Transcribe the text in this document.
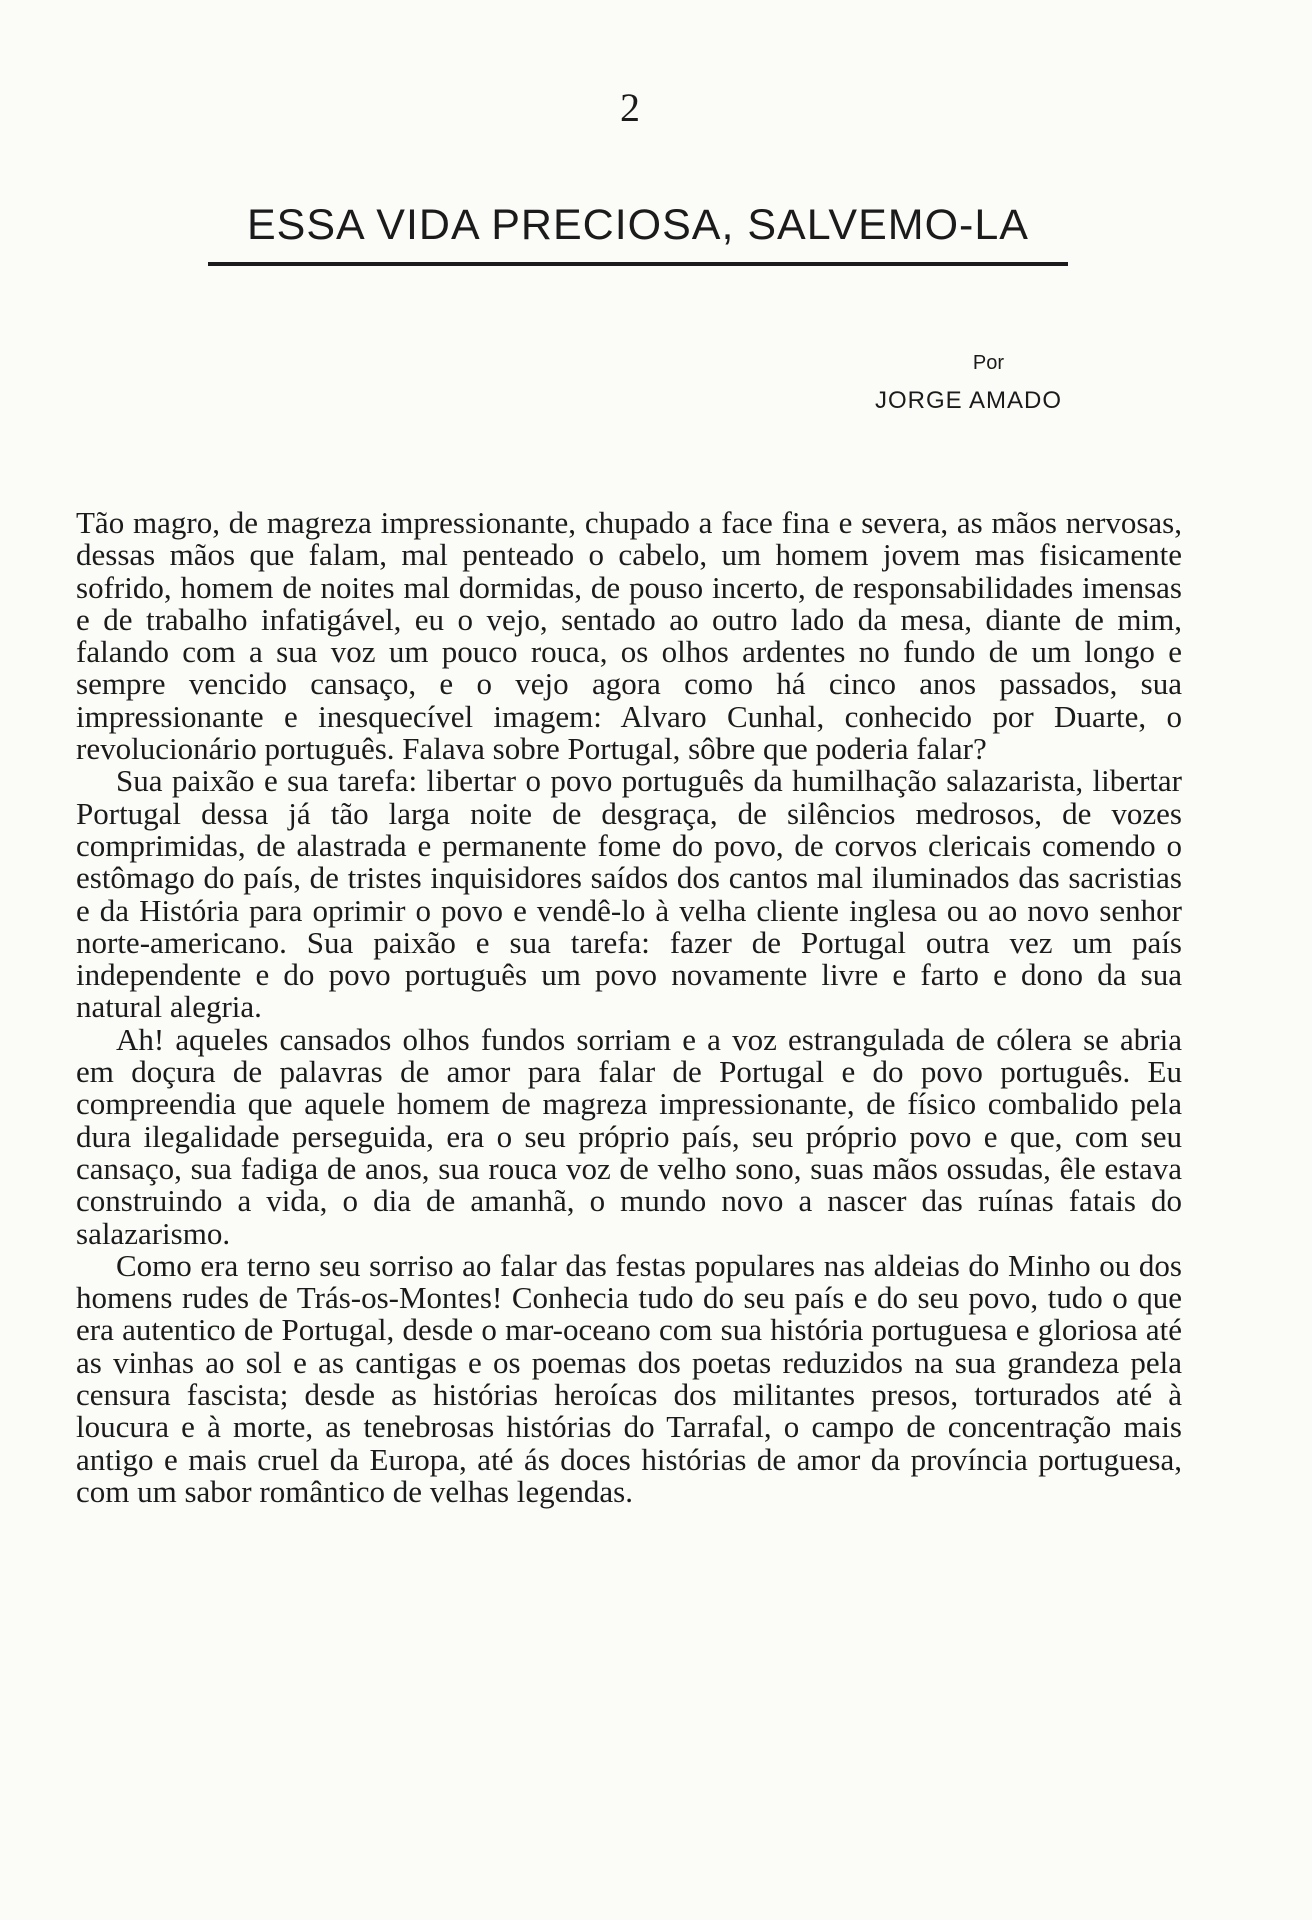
2
ESSA VIDA PRECIOSA, SALVEMO-LA
Por
JORGE AMADO

Tão magro, de magreza impressionante, chupado a face fina e severa, as mãos nervosas, dessas mãos que falam, mal penteado o cabelo, um homem jovem mas fisicamente sofrido, homem de noites mal dormidas, de pouso incerto, de responsabilidades imensas e de trabalho infatigável, eu o vejo, sentado ao outro lado da mesa, diante de mim, falando com a sua voz um pouco rouca, os olhos ardentes no fundo de um longo e sempre vencido cansaço, e o vejo agora como há cinco anos passados, sua impressionante e inesquecível imagem: Alvaro Cunhal, conhecido por Duarte, o revolucionário português. Falava sobre Portugal, sôbre que poderia falar?

Sua paixão e sua tarefa: libertar o povo português da humilhação salazarista, libertar Portugal dessa já tão larga noite de desgraça, de silêncios medrosos, de vozes comprimidas, de alastrada e permanente fome do povo, de corvos clericais comendo o estômago do país, de tristes inquisidores saídos dos cantos mal iluminados das sacristias e da História para oprimir o povo e vendê-lo à velha cliente inglesa ou ao novo senhor norte-americano. Sua paixão e sua tarefa: fazer de Portugal outra vez um país independente e do povo português um povo novamente livre e farto e dono da sua natural alegria.

Ah! aqueles cansados olhos fundos sorriam e a voz estrangulada de cólera se abria em doçura de palavras de amor para falar de Portugal e do povo português. Eu compreendia que aquele homem de magreza impressionante, de físico combalido pela dura ilegalidade perseguida, era o seu próprio país, seu próprio povo e que, com seu cansaço, sua fadiga de anos, sua rouca voz de velho sono, suas mãos ossudas, êle estava construindo a vida, o dia de amanhã, o mundo novo a nascer das ruínas fatais do salazarismo.

Como era terno seu sorriso ao falar das festas populares nas aldeias do Minho ou dos homens rudes de Trás-os-Montes! Conhecia tudo do seu país e do seu povo, tudo o que era autentico de Portugal, desde o mar-oceano com sua história portuguesa e gloriosa até as vinhas ao sol e as cantigas e os poemas dos poetas reduzidos na sua grandeza pela censura fascista; desde as histórias heroícas dos militantes presos, torturados até à loucura e à morte, as tenebrosas histórias do Tarrafal, o campo de concentração mais antigo e mais cruel da Europa, até ás doces histórias de amor da província portuguesa, com um sabor romântico de velhas legendas.
